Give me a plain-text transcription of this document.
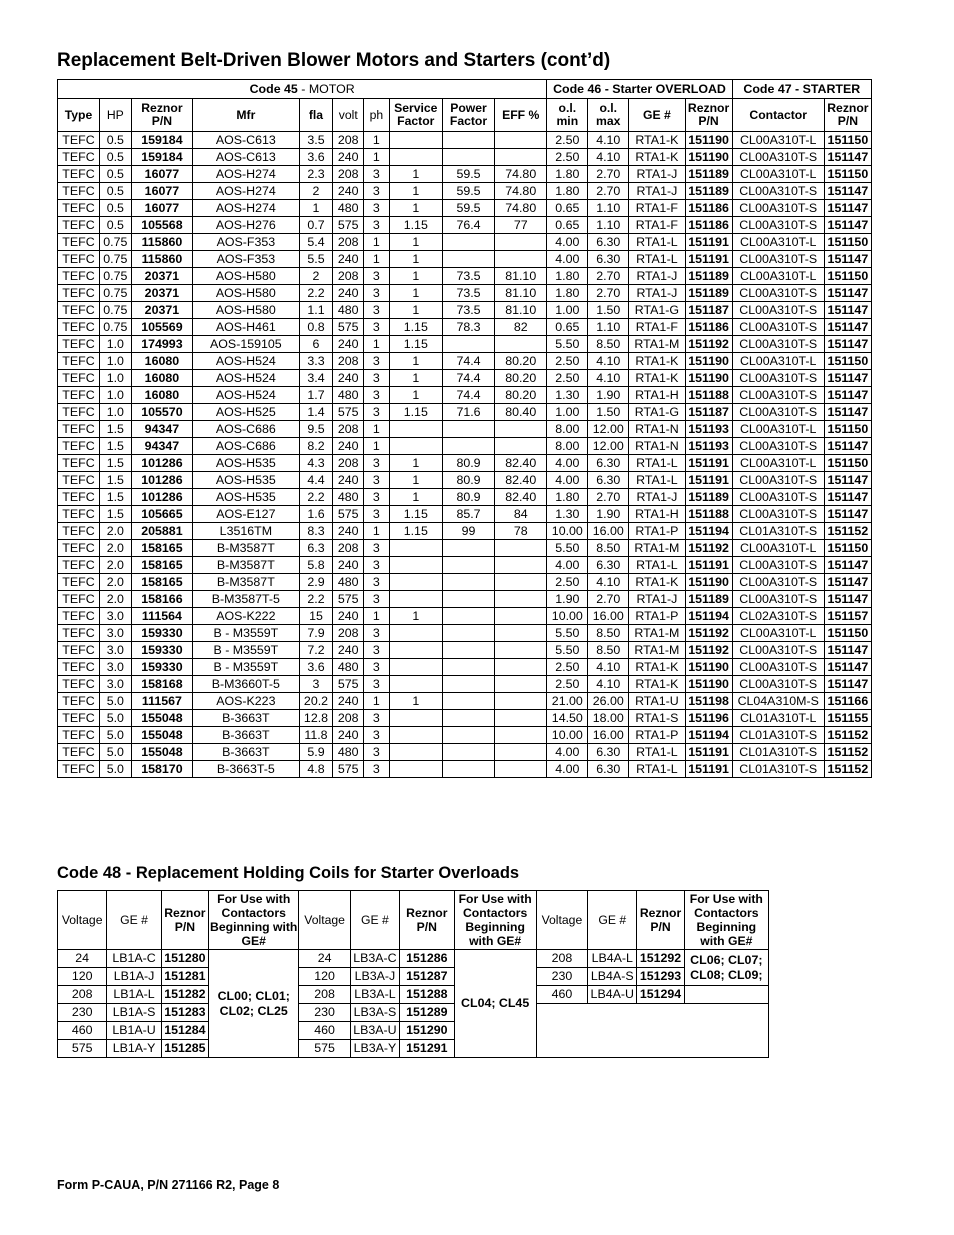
Replacement Belt-Driven Blower Motors and Starters (cont’d)
Code 45 - MOTOR										Code 46 - Starter OVERLOAD				Code 47 - STARTER	
Type	HP	Reznor P/N	Mfr	fla	volt	ph	Service Factor	Power Factor	EFF %	o.l. min	o.l. max	GE #	Reznor P/N	Contactor	Reznor P/N
TEFC	0.5	159184	AOS-C613	3.5	208	1				2.50	4.10	RTA1-K	151190	CL00A310T-L	151150
TEFC	0.5	159184	AOS-C613	3.6	240	1				2.50	4.10	RTA1-K	151190	CL00A310T-S	151147
TEFC	0.5	16077	AOS-H274	2.3	208	3	1	59.5	74.80	1.80	2.70	RTA1-J	151189	CL00A310T-L	151150
TEFC	0.5	16077	AOS-H274	2	240	3	1	59.5	74.80	1.80	2.70	RTA1-J	151189	CL00A310T-S	151147
TEFC	0.5	16077	AOS-H274	1	480	3	1	59.5	74.80	0.65	1.10	RTA1-F	151186	CL00A310T-S	151147
TEFC	0.5	105568	AOS-H276	0.7	575	3	1.15	76.4	77	0.65	1.10	RTA1-F	151186	CL00A310T-S	151147
TEFC	0.75	115860	AOS-F353	5.4	208	1	1			4.00	6.30	RTA1-L	151191	CL00A310T-L	151150
TEFC	0.75	115860	AOS-F353	5.5	240	1	1			4.00	6.30	RTA1-L	151191	CL00A310T-S	151147
TEFC	0.75	20371	AOS-H580	2	208	3	1	73.5	81.10	1.80	2.70	RTA1-J	151189	CL00A310T-L	151150
TEFC	0.75	20371	AOS-H580	2.2	240	3	1	73.5	81.10	1.80	2.70	RTA1-J	151189	CL00A310T-S	151147
TEFC	0.75	20371	AOS-H580	1.1	480	3	1	73.5	81.10	1.00	1.50	RTA1-G	151187	CL00A310T-S	151147
TEFC	0.75	105569	AOS-H461	0.8	575	3	1.15	78.3	82	0.65	1.10	RTA1-F	151186	CL00A310T-S	151147
TEFC	1.0	174993	AOS-159105	6	240	1	1.15			5.50	8.50	RTA1-M	151192	CL00A310T-S	151147
TEFC	1.0	16080	AOS-H524	3.3	208	3	1	74.4	80.20	2.50	4.10	RTA1-K	151190	CL00A310T-L	151150
TEFC	1.0	16080	AOS-H524	3.4	240	3	1	74.4	80.20	2.50	4.10	RTA1-K	151190	CL00A310T-S	151147
TEFC	1.0	16080	AOS-H524	1.7	480	3	1	74.4	80.20	1.30	1.90	RTA1-H	151188	CL00A310T-S	151147
TEFC	1.0	105570	AOS-H525	1.4	575	3	1.15	71.6	80.40	1.00	1.50	RTA1-G	151187	CL00A310T-S	151147
TEFC	1.5	94347	AOS-C686	9.5	208	1				8.00	12.00	RTA1-N	151193	CL00A310T-L	151150
TEFC	1.5	94347	AOS-C686	8.2	240	1				8.00	12.00	RTA1-N	151193	CL00A310T-S	151147
TEFC	1.5	101286	AOS-H535	4.3	208	3	1	80.9	82.40	4.00	6.30	RTA1-L	151191	CL00A310T-L	151150
TEFC	1.5	101286	AOS-H535	4.4	240	3	1	80.9	82.40	4.00	6.30	RTA1-L	151191	CL00A310T-S	151147
TEFC	1.5	101286	AOS-H535	2.2	480	3	1	80.9	82.40	1.80	2.70	RTA1-J	151189	CL00A310T-S	151147
TEFC	1.5	105665	AOS-E127	1.6	575	3	1.15	85.7	84	1.30	1.90	RTA1-H	151188	CL00A310T-S	151147
TEFC	2.0	205881	L3516TM	8.3	240	1	1.15	99	78	10.00	16.00	RTA1-P	151194	CL01A310T-S	151152
TEFC	2.0	158165	B-M3587T	6.3	208	3				5.50	8.50	RTA1-M	151192	CL00A310T-L	151150
TEFC	2.0	158165	B-M3587T	5.8	240	3				4.00	6.30	RTA1-L	151191	CL00A310T-S	151147
TEFC	2.0	158165	B-M3587T	2.9	480	3				2.50	4.10	RTA1-K	151190	CL00A310T-S	151147
TEFC	2.0	158166	B-M3587T-5	2.2	575	3				1.90	2.70	RTA1-J	151189	CL00A310T-S	151147
TEFC	3.0	111564	AOS-K222	15	240	1	1			10.00	16.00	RTA1-P	151194	CL02A310T-S	151157
TEFC	3.0	159330	B - M3559T	7.9	208	3				5.50	8.50	RTA1-M	151192	CL00A310T-L	151150
TEFC	3.0	159330	B - M3559T	7.2	240	3				5.50	8.50	RTA1-M	151192	CL00A310T-S	151147
TEFC	3.0	159330	B - M3559T	3.6	480	3				2.50	4.10	RTA1-K	151190	CL00A310T-S	151147
TEFC	3.0	158168	B-M3660T-5	3	575	3				2.50	4.10	RTA1-K	151190	CL00A310T-S	151147
TEFC	5.0	111567	AOS-K223	20.2	240	1	1			21.00	26.00	RTA1-U	151198	CL04A310M-S	151166
TEFC	5.0	155048	B-3663T	12.8	208	3				14.50	18.00	RTA1-S	151196	CL01A310T-L	151155
TEFC	5.0	155048	B-3663T	11.8	240	3				10.00	16.00	RTA1-P	151194	CL01A310T-S	151152
TEFC	5.0	155048	B-3663T	5.9	480	3				4.00	6.30	RTA1-L	151191	CL01A310T-S	151152
TEFC	5.0	158170	B-3663T-5	4.8	575	3				4.00	6.30	RTA1-L	151191	CL01A310T-S	151152
Code 48 - Replacement Holding Coils for Starter Overloads
Voltage	GE #	Reznor P/N	For Use with Contactors Beginning with GE#	Voltage	GE #	Reznor P/N	For Use with Contactors Beginning with GE#	Voltage	GE #	Reznor P/N	For Use with Contactors Beginning with GE#
24	LB1A-C	151280	CL00; CL01; CL02; CL25	24	LB3A-C	151286	CL04; CL45	208	LB4A-L	151292	CL06; CL07; CL08; CL09;
120	LB1A-J	151281		120	LB3A-J	151287		230	LB4A-S	151293	
208	LB1A-L	151282		208	LB3A-L	151288		460	LB4A-U	151294	
230	LB1A-S	151283		230	LB3A-S	151289					
460	LB1A-U	151284		460	LB3A-U	151290					
575	LB1A-Y	151285		575	LB3A-Y	151291					

Form P-CAUA, P/N 271166 R2, Page 8
